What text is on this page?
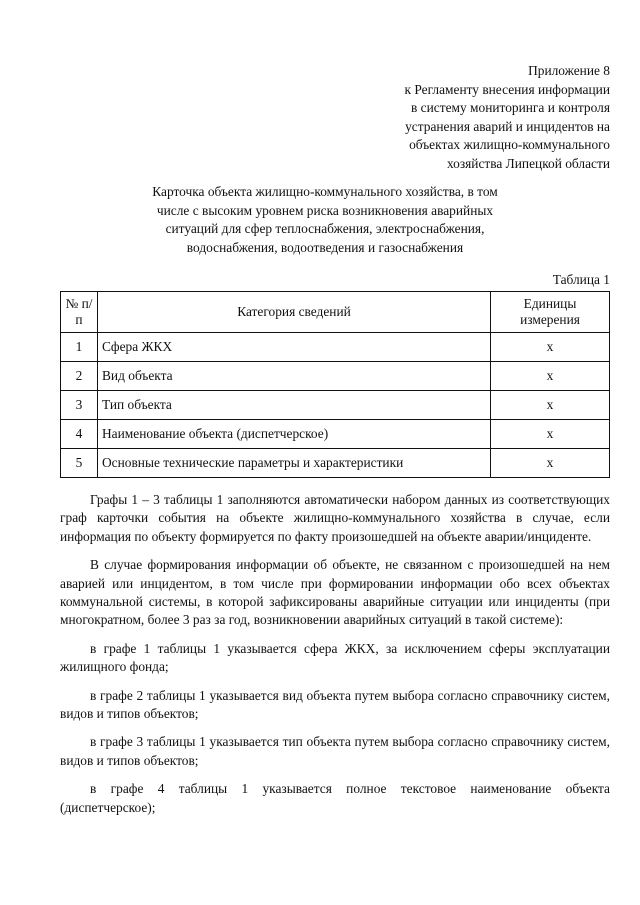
Приложение 8
к Регламенту внесения информации
в систему мониторинга и контроля
устранения аварий и инцидентов на
объектах жилищно-коммунального
хозяйства Липецкой области
Карточка объекта жилищно-коммунального хозяйства, в том
числе с высоким уровнем риска возникновения аварийных
ситуаций для сфер теплоснабжения, электроснабжения,
водоснабжения, водоотведения и газоснабжения
Таблица 1
№ п/п	Категория сведений	Единицы измерения
1	Сфера ЖКХ	х
2	Вид объекта	х
3	Тип объекта	х
4	Наименование объекта (диспетчерское)	х
5	Основные технические параметры и характеристики	х

Графы 1 – 3 таблицы 1 заполняются автоматически набором данных из соответствующих граф карточки события на объекте жилищно-коммунального хозяйства в случае, если информация по объекту формируется по факту произошедшей на объекте аварии/инциденте.

В случае формирования информации об объекте, не связанном с произошедшей на нем аварией или инцидентом, в том числе при формировании информации обо всех объектах коммунальной системы, в которой зафиксированы аварийные ситуации или инциденты (при многократном, более 3 раз за год, возникновении аварийных ситуаций в такой системе):

в графе 1 таблицы 1 указывается сфера ЖКХ, за исключением сферы эксплуатации жилищного фонда;

в графе 2 таблицы 1 указывается вид объекта путем выбора согласно справочнику систем, видов и типов объектов;

в графе 3 таблицы 1 указывается тип объекта путем выбора согласно справочнику систем, видов и типов объектов;

в графе 4 таблицы 1 указывается полное текстовое наименование объекта (диспетчерское);
